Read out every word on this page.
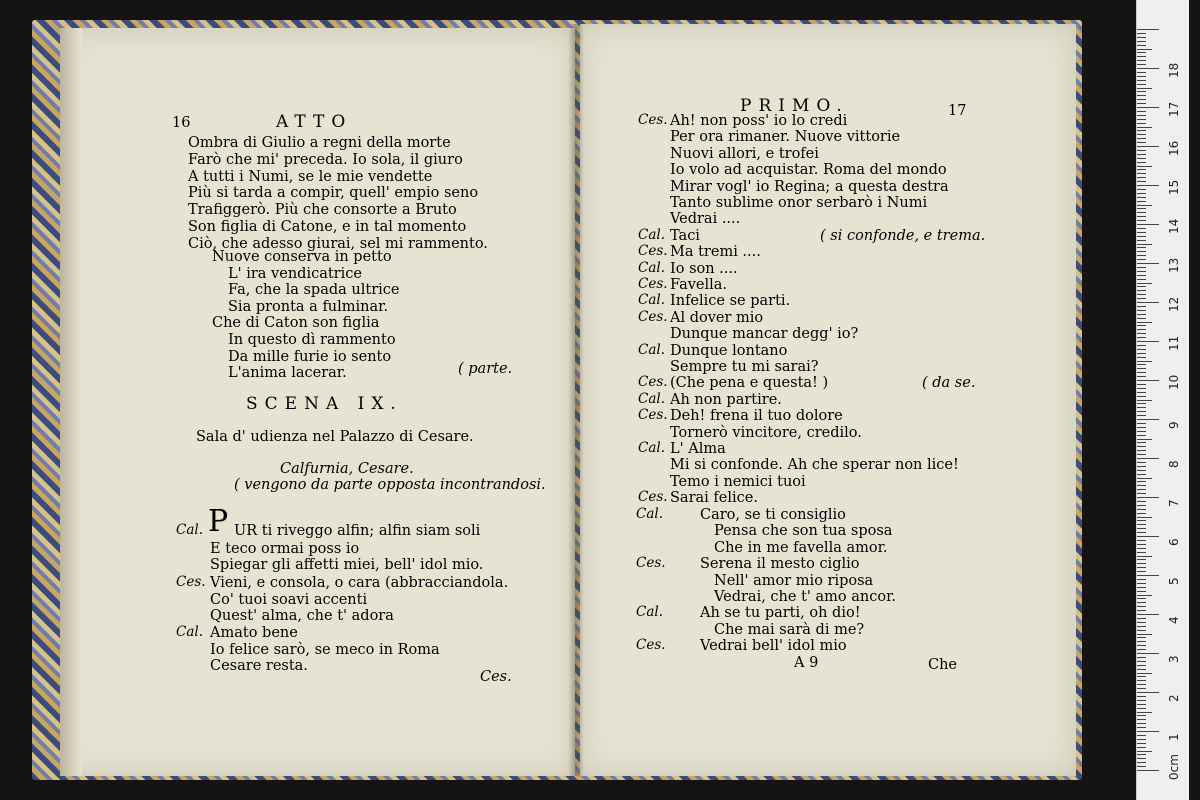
16	ATTO
Ombra di Giulio a regni della morte
Farò che mi' preceda. Io sola, il giuro
A tutti i Numi, se le mie vendette
Più si tarda a compir, quell' empio seno
Trafiggerò. Più che consorte a Bruto
Son figlia di Catone, e in tal momento
Ciò, che adesso giurai, sel mi rammento.
Nuove conserva in petto
L' ira vendicatrice
Fa, che la spada ultrice
Sia pronta a fulminar.
Che di Caton son figlia
In questo dì rammento
Da mille furie io sento
L'anima lacerar.	( parte.
SCENA IX.
Sala d' udienza nel Palazzo di Cesare.
Calfurnia, Cesare.
( vengono da parte opposta incontrandosi.
P
Cal. UR ti riveggo alfin; alfin siam soli
E teco ormai poss io
Spiegar gli affetti miei, bell' idol mio.
Ces. Vieni, e consola, o cara (abbracciandola.
Co' tuoi soavi accenti
Quest' alma, che t' adora
Cal. Amato bene
Io felice sarò, se meco in Roma
Cesare resta.
Ces.
PRIMO.	17
Ces. Ah! non poss' io lo credi
Per ora rimaner. Nuove vittorie
Nuovi allori, e trofei
Io volo ad acquistar. Roma del mondo
Mirar vogl' io Regina; a questa destra
Tanto sublime onor serbarò i Numi
Vedrai ....
Cal. Taci	( si confonde, e trema.
Ces. Ma tremi ....
Cal. Io son ....
Ces. Favella.
Cal. Infelice se parti.
Ces. Al dover mio
Dunque mancar degg' io?
Cal. Dunque lontano
Sempre tu mi sarai?
Ces. (Che pena e questa! )	( da se.
Cal. Ah non partire.
Ces. Deh! frena il tuo dolore
Tornerò vincitore, credilo.
Cal. L' Alma
Mi si confonde. Ah che sperar non lice!
Temo i nemici tuoi
Ces. Sarai felice.
Cal.	Caro, se ti consiglio
Pensa che son tua sposa
Che in me favella amor.
Ces. Serena il mesto ciglio
Nell' amor mio riposa
Vedrai, che t' amo ancor.
Cal.	Ah se tu parti, oh dio!
Che mai sarà di me?
Ces. Vedrai bell' idol mio
A 9	Che
18
17
16
15
14
13
12
11
10
9
8
7
6
5
4
3
2
1
0cm
